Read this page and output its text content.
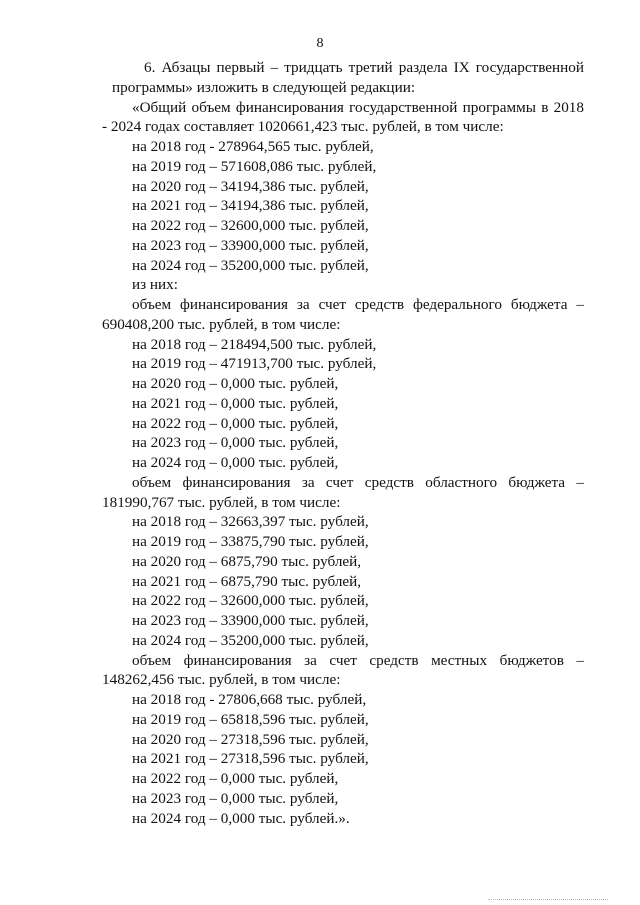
8
6. Абзацы первый – тридцать третий раздела IX государственной
программы» изложить в следующей редакции:
«Общий объем финансирования государственной программы в 2018
- 2024 годах составляет 1020661,423 тыс. рублей, в том числе:
на 2018 год - 278964,565 тыс. рублей,
на 2019 год – 571608,086 тыс. рублей,
на 2020 год – 34194,386 тыс. рублей,
на 2021 год – 34194,386 тыс. рублей,
на 2022 год – 32600,000 тыс. рублей,
на 2023 год – 33900,000 тыс. рублей,
на 2024 год – 35200,000 тыс. рублей,
из них:
объем финансирования за счет средств федерального бюджета –
690408,200 тыс. рублей, в том числе:
на 2018 год – 218494,500 тыс. рублей,
на 2019 год – 471913,700 тыс. рублей,
на 2020 год – 0,000 тыс. рублей,
на 2021 год – 0,000 тыс. рублей,
на 2022 год – 0,000 тыс. рублей,
на 2023 год – 0,000 тыс. рублей,
на 2024 год – 0,000 тыс. рублей,
объем финансирования за счет средств областного бюджета –
181990,767 тыс. рублей, в том числе:
на 2018 год – 32663,397 тыс. рублей,
на 2019 год – 33875,790 тыс. рублей,
на 2020 год – 6875,790 тыс. рублей,
на 2021 год – 6875,790 тыс. рублей,
на 2022 год – 32600,000 тыс. рублей,
на 2023 год – 33900,000 тыс. рублей,
на 2024 год – 35200,000 тыс. рублей,
объем финансирования за счет средств местных бюджетов –
148262,456 тыс. рублей, в том числе:
на 2018 год - 27806,668 тыс. рублей,
на 2019 год – 65818,596 тыс. рублей,
на 2020 год – 27318,596 тыс. рублей,
на 2021 год – 27318,596 тыс. рублей,
на 2022 год – 0,000 тыс. рублей,
на 2023 год – 0,000 тыс. рублей,
на 2024 год – 0,000 тыс. рублей.».
